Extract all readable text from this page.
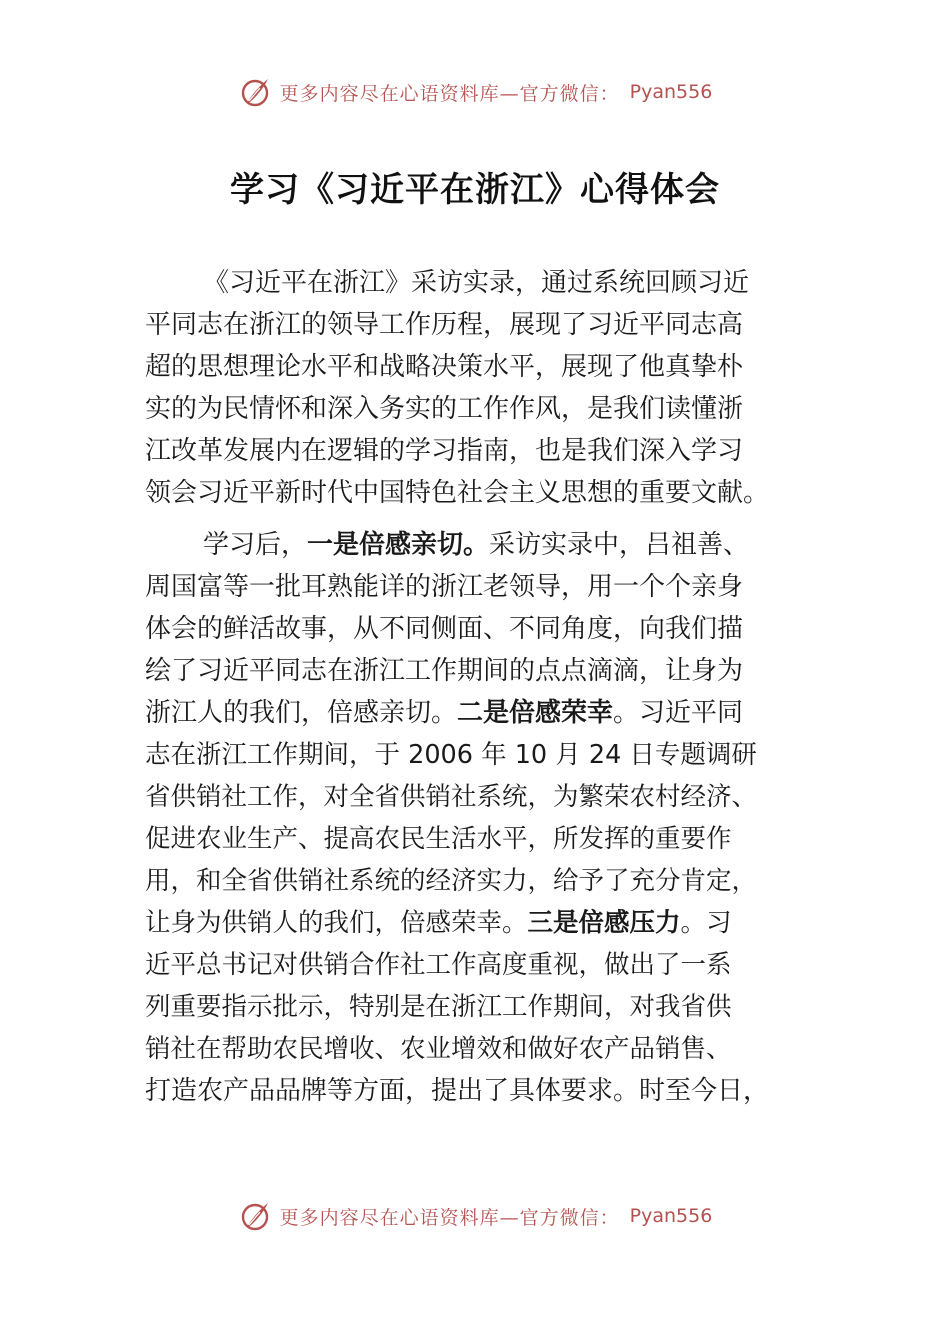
更多内容尽在心语资料库—官方微信： Pyan556
学习《习近平在浙江》心得体会
《习近平在浙江》采访实录，通过系统回顾习近
平同志在浙江的领导工作历程，展现了习近平同志高
超的思想理论水平和战略决策水平，展现了他真挚朴
实的为民情怀和深入务实的工作作风，是我们读懂浙
江改革发展内在逻辑的学习指南，也是我们深入学习
领会习近平新时代中国特色社会主义思想的重要文献。
学习后，一是倍感亲切。采访实录中，吕祖善、
周国富等一批耳熟能详的浙江老领导，用一个个亲身
体会的鲜活故事，从不同侧面、不同角度，向我们描
绘了习近平同志在浙江工作期间的点点滴滴，让身为
浙江人的我们，倍感亲切。二是倍感荣幸。习近平同
志在浙江工作期间，于 2006 年 10 月 24 日专题调研
省供销社工作，对全省供销社系统，为繁荣农村经济、
促进农业生产、提高农民生活水平，所发挥的重要作
用，和全省供销社系统的经济实力，给予了充分肯定，
让身为供销人的我们，倍感荣幸。三是倍感压力。习
近平总书记对供销合作社工作高度重视，做出了一系
列重要指示批示，特别是在浙江工作期间，对我省供
销社在帮助农民增收、农业增效和做好农产品销售、
打造农产品品牌等方面，提出了具体要求。时至今日，
更多内容尽在心语资料库—官方微信： Pyan556
